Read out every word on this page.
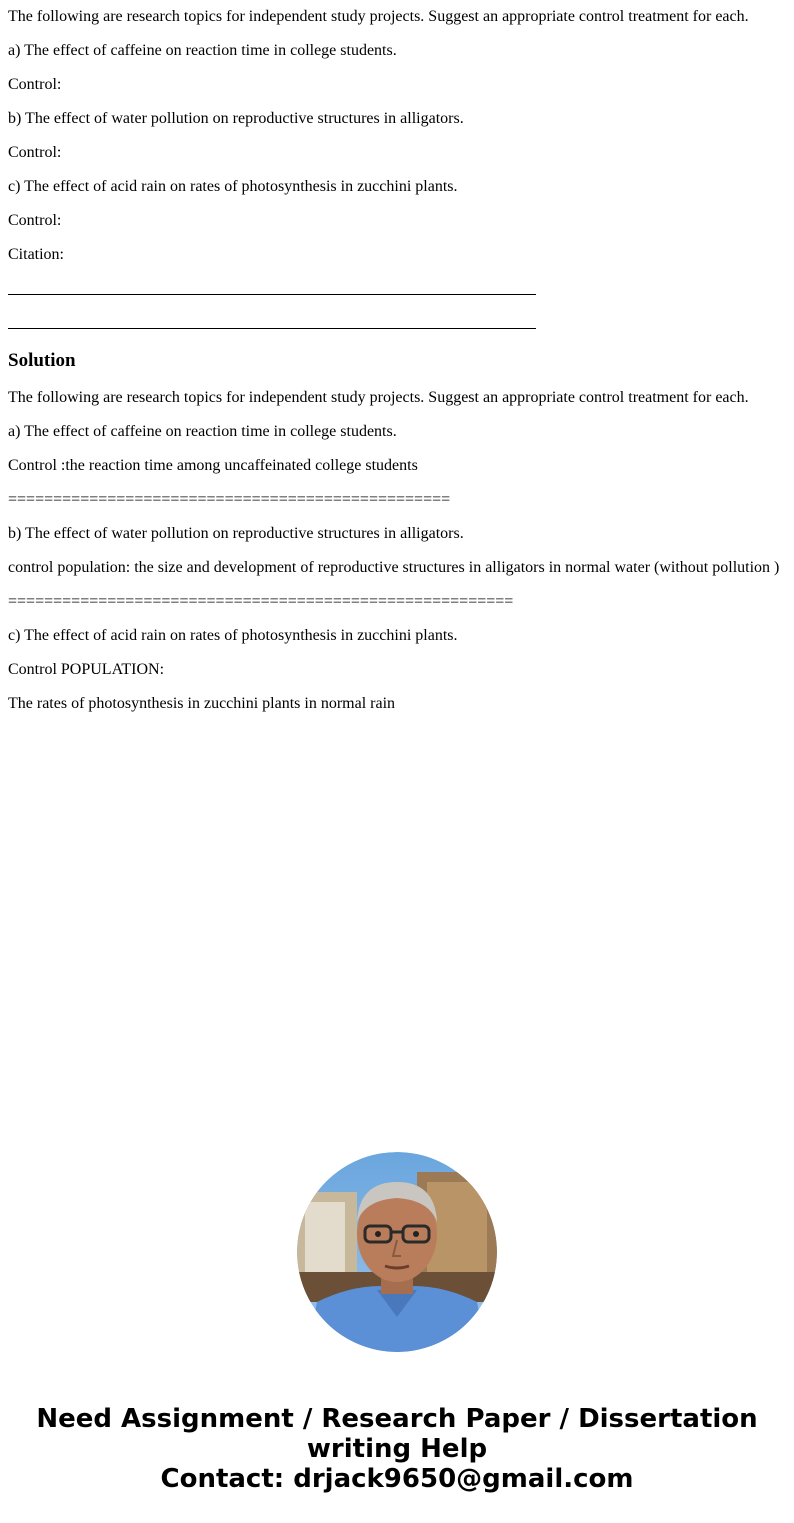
The following are research topics for independent study projects. Suggest an appropriate control treatment for each.

a) The effect of caffeine on reaction time in college students.

Control:

b) The effect of water pollution on reproductive structures in alligators.

Control:

c) The effect of acid rain on rates of photosynthesis in zucchini plants.

Control:

Citation:

Solution

The following are research topics for independent study projects. Suggest an appropriate control treatment for each.

a) The effect of caffeine on reaction time in college students.

Control :the reaction time among uncaffeinated college students

=================================================

b) The effect of water pollution on reproductive structures in alligators.

control population: the size and development of reproductive structures in alligators in normal water (without pollution )

========================================================

c) The effect of acid rain on rates of photosynthesis in zucchini plants.

Control POPULATION:

The rates of photosynthesis in zucchini plants in normal rain

Need Assignment / Research Paper / Dissertation
writing Help
Contact: drjack9650@gmail.com
